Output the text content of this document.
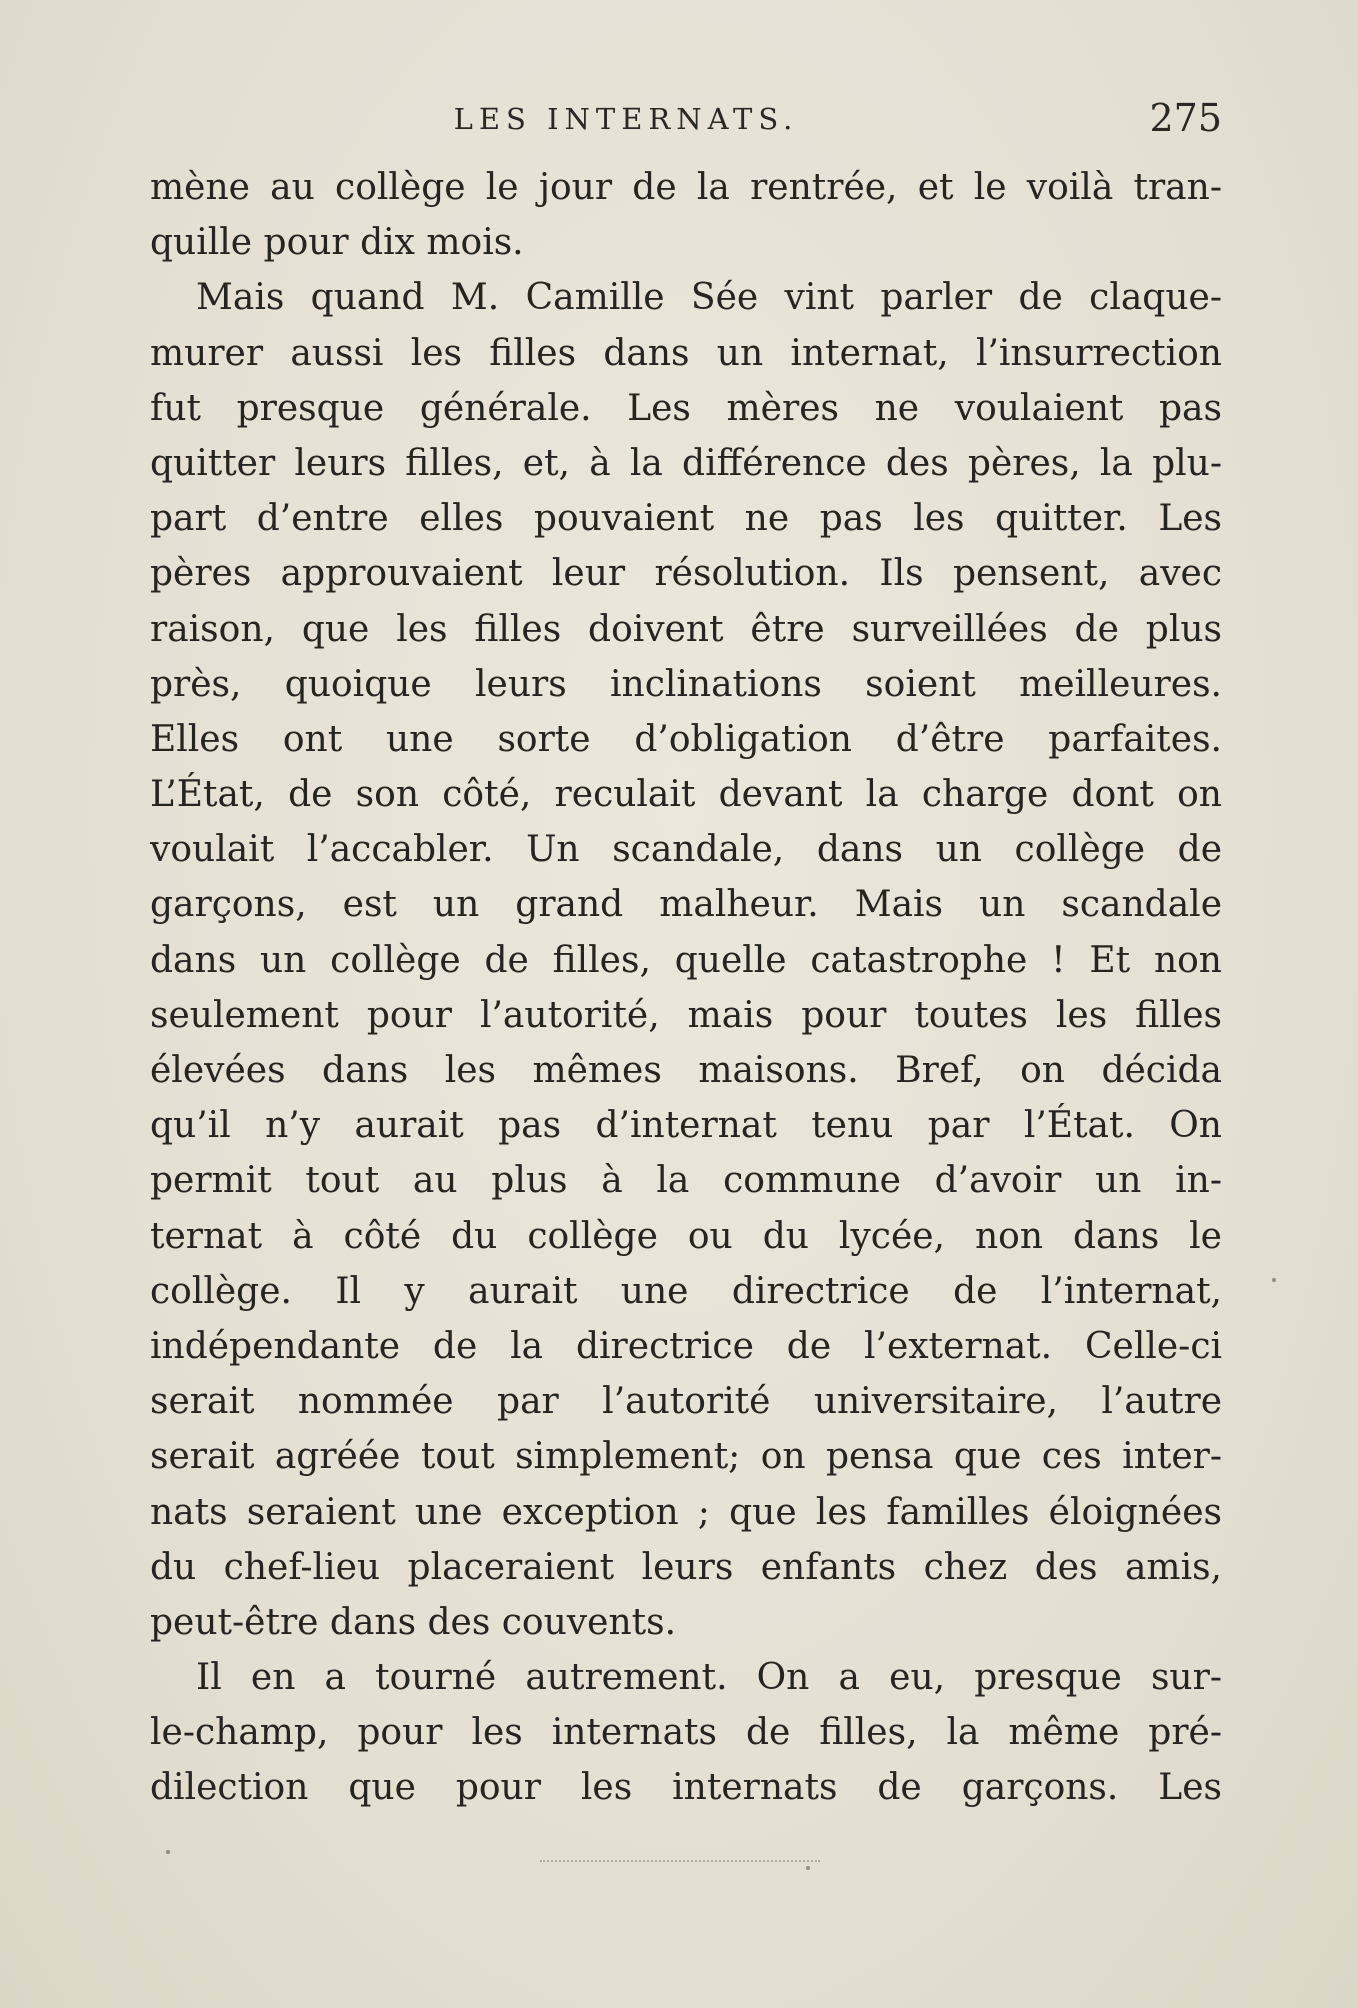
LES INTERNATS.	275
mène au collège le jour de la rentrée, et le voilà tran-
quille pour dix mois.
Mais quand M. Camille Sée vint parler de claque-
murer aussi les filles dans un internat, l’insurrection
fut presque générale. Les mères ne voulaient pas
quitter leurs filles, et, à la différence des pères, la plu-
part d’entre elles pouvaient ne pas les quitter. Les
pères approuvaient leur résolution. Ils pensent, avec
raison, que les filles doivent être surveillées de plus
près, quoique leurs inclinations soient meilleures.
Elles ont une sorte d’obligation d’être parfaites.
L’État, de son côté, reculait devant la charge dont on
voulait l’accabler. Un scandale, dans un collège de
garçons, est un grand malheur. Mais un scandale
dans un collège de filles, quelle catastrophe ! Et non
seulement pour l’autorité, mais pour toutes les filles
élevées dans les mêmes maisons. Bref, on décida
qu’il n’y aurait pas d’internat tenu par l’État. On
permit tout au plus à la commune d’avoir un in-
ternat à côté du collège ou du lycée, non dans le
collège. Il y aurait une directrice de l’internat,
indépendante de la directrice de l’externat. Celle-ci
serait nommée par l’autorité universitaire, l’autre
serait agréée tout simplement; on pensa que ces inter-
nats seraient une exception ; que les familles éloignées
du chef-lieu placeraient leurs enfants chez des amis,
peut-être dans des couvents.
Il en a tourné autrement. On a eu, presque sur-
le-champ, pour les internats de filles, la même pré-
dilection que pour les internats de garçons. Les
